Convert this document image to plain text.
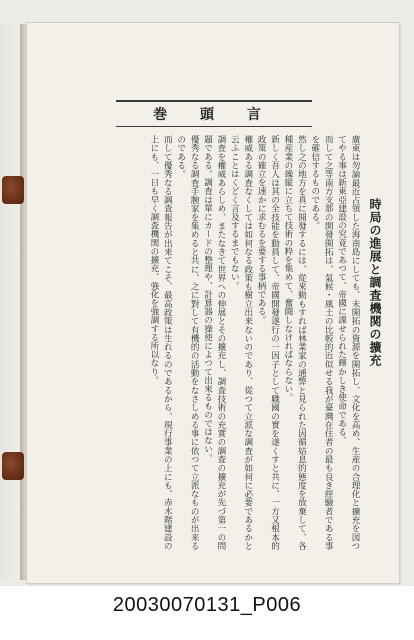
巻 頭 言
時局の進展と調査機関の擴充

廣東は勿論最近占領した海南島にしても、未開拓の資源を開拓し、文化を高め、生産の合理化と擴充を図つてやる事は新東亞建設の究竟であつて、帝國に課せられた輝かしき使命である。

而して之等南方支那の開發開拓は、氣候・風土の比較的近似せる我が臺灣在住者の最も良き經驗者である事を確信するものである。

然し之の地方を真に開發するには、從來動もすれば林業家の通弊と見られた因循姑息的態度を放棄して、各種産業の繰縦に立ちて技術の粋を集めて、奮闘しなければならない。

新しく吾人は其の全技能を動員して、帝國開發遂行の一因子として職國の實を遂くすと共に、一方又根本的政策の確立を速かに求むるを要する事柄である。

權威ある調査なくしては如何なる政策も樹立出来ないのであり、從つて立派な調査が如何に必要であるかと云ふことはくどく言及するまでもない。

調査を權威あらしめ、またなきて世界への伸展とその擴充し、調査技術の充實の調査の擴充が先づ第一の問題である。調査は單にカードの整理や、計算器の操使によつて出來るものではない。

優秀なる調査手腕家を集めると共に、之に對して有機的の活動をなさしめる事に依つて立派なものが出来るのである。

而して優秀なる調査報告が出来てこそ、最高政策は生れるのであるから、現行事業の上にも、赤木階建設の上にも、一日も早く調査機関の擴充、強化を強調する所以なり。

20030070131_P006
